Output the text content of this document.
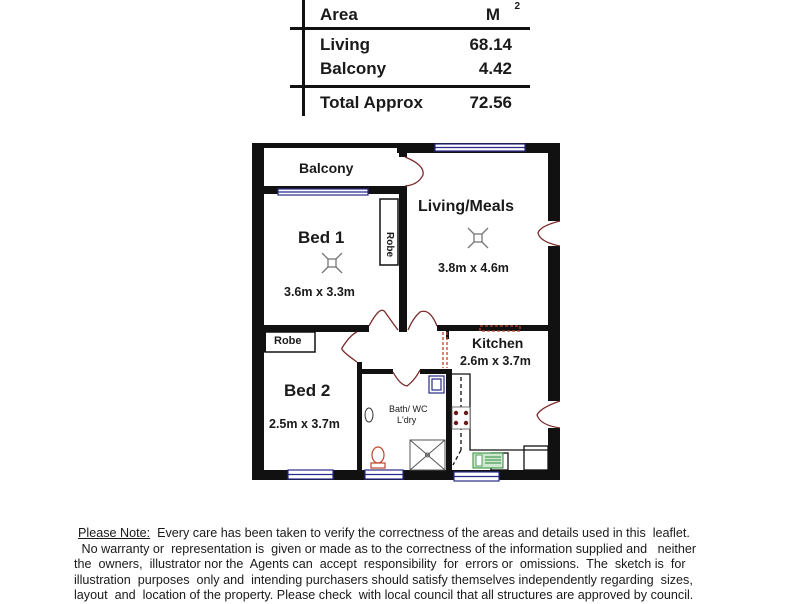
Area	M 2
Living	68.14
Balcony	4.42
Total Approx	72.56
Balcony
Bed 1
3.6m x 3.3m
Robe
Living/Meals
3.8m x 4.6m
Robe
Bed 2
2.5m x 3.7m
Bath/ WC
L'dry
Kitchen
2.6m x 3.7m
Please Note:  Every care has been taken to verify the correctness of the areas and details used in this  leaflet.
No warranty or  representation is  given or made as to the correctness of the information supplied and   neither
the  owners,  illustrator nor the  Agents can  accept  responsibility  for  errors or  omissions.  The  sketch is  for
illustration  purposes  only and  intending purchasers should satisfy themselves independently regarding  sizes,
layout  and  location of the property. Please check  with local council that all structures are approved by council.
